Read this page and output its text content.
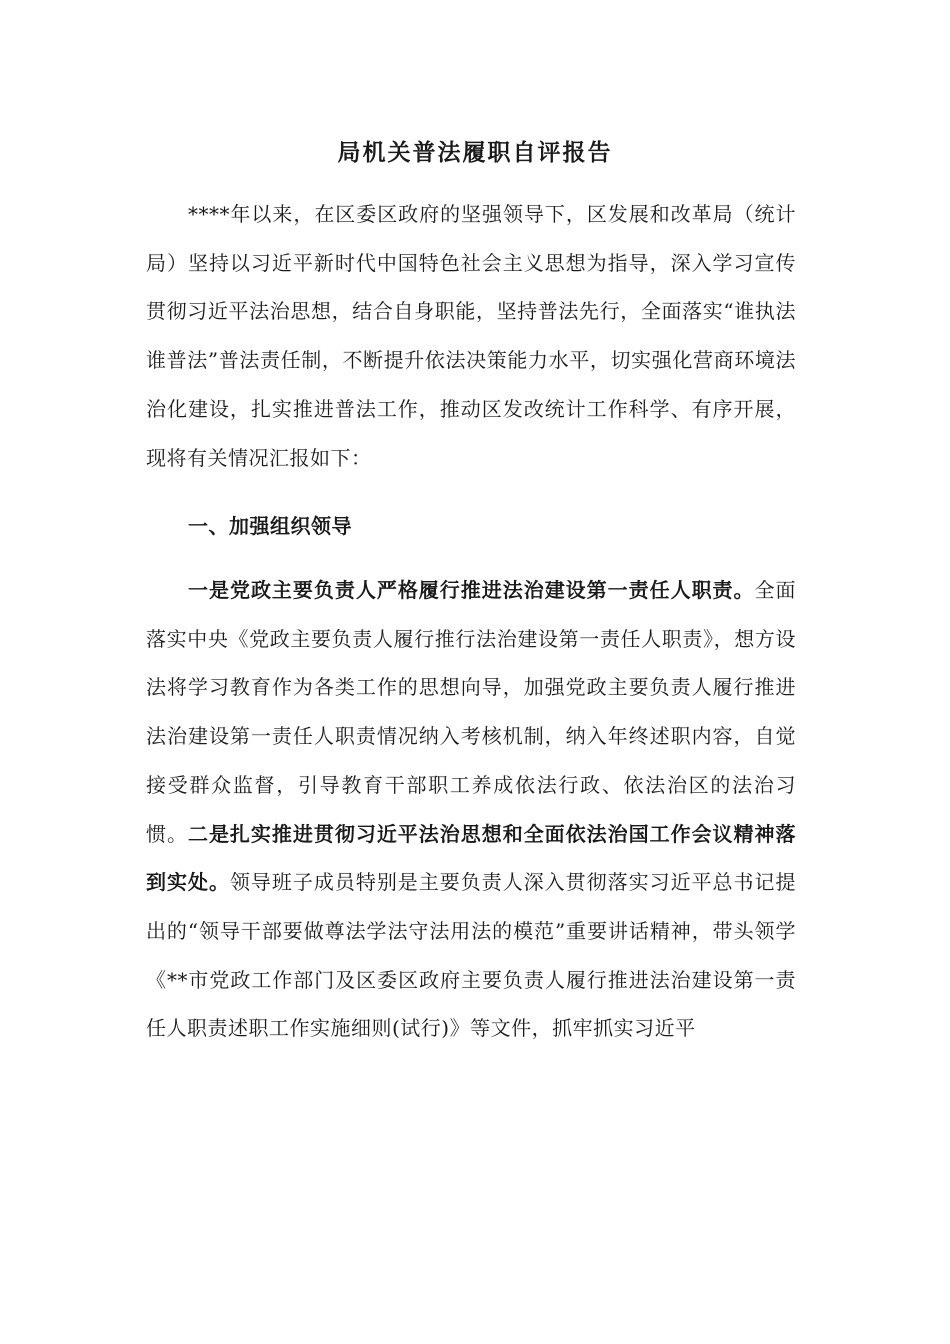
局机关普法履职自评报告
****年以来，在区委区政府的坚强领导下，区发展和改革局（统计局）坚持以习近平新时代中国特色社会主义思想为指导，深入学习宣传贯彻习近平法治思想，结合自身职能，坚持普法先行，全面落实“谁执法谁普法”普法责任制，不断提升依法决策能力水平，切实强化营商环境法治化建设，扎实推进普法工作，推动区发改统计工作科学、有序开展，现将有关情况汇报如下：
一、加强组织领导
一是党政主要负责人严格履行推进法治建设第一责任人职责。全面落实中央《党政主要负责人履行推行法治建设第一责任人职责》，想方设法将学习教育作为各类工作的思想向导，加强党政主要负责人履行推进法治建设第一责任人职责情况纳入考核机制，纳入年终述职内容，自觉接受群众监督，引导教育干部职工养成依法行政、依法治区的法治习惯。二是扎实推进贯彻习近平法治思想和全面依法治国工作会议精神落到实处。领导班子成员特别是主要负责人深入贯彻落实习近平总书记提出的“领导干部要做尊法学法守法用法的模范”重要讲话精神，带头领学《**市党政工作部门及区委区政府主要负责人履行推进法治建设第一责任人职责述职工作实施细则(试行)》等文件，抓牢抓实习近平
